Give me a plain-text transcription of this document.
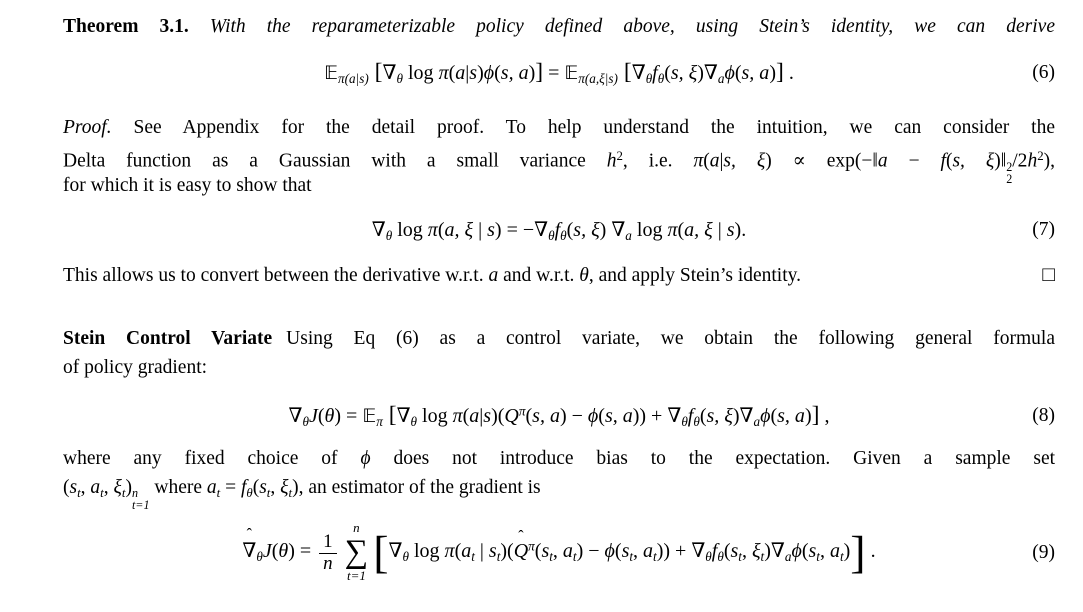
Theorem 3.1. With the reparameterizable policy defined above, using Stein’s identity, we can derive
𝔼π(a|s) [∇θ log π(a|s)ϕ(s, a)] = 𝔼π(a,ξ|s) [∇θfθ(s, ξ)∇aϕ(s, a)] .	(6)
Proof. See Appendix for the detail proof. To help understand the intuition, we can consider the
Delta function as a Gaussian with a small variance $h^2$, i.e. π(a|s, ξ) ∝ exp(−‖a − f(s, ξ)‖ 2
2
$/2h^2$),
for which it is easy to show that
∇θ log π(a, ξ | s) = −∇θfθ(s, ξ) ∇a log π(a, ξ | s).	(7)
This allows us to convert between the derivative w.r.t. a and w.r.t. θ, and apply Stein’s identity.	□
Stein Control Variate Using Eq (6) as a control variate, we obtain the following general formula
of policy gradient:
∇θJ(θ) = 𝔼π [∇θ $\log \pi(a|s)(Q^\pi(s$, a) − ϕ(s, a)) + ∇θfθ(s, ξ)∇aϕ(s, a)] ,	(8)
where any fixed choice of ϕ does not introduce bias to the expectation. Given a sample set
(st, at, ξt) n
t=1
where at = fθ(st, ξt), an estimator of the gradient is
ˆ
$\nabla\theta J(\theta) = \frac{1}{n}$
n
∑
t=1 [∇θ log π(at | st)(
ˆ
$Q^\pi(st$, at) − ϕ(st, at)) + ∇θfθ(st, ξt)∇aϕ(st, at)] .	(9)
